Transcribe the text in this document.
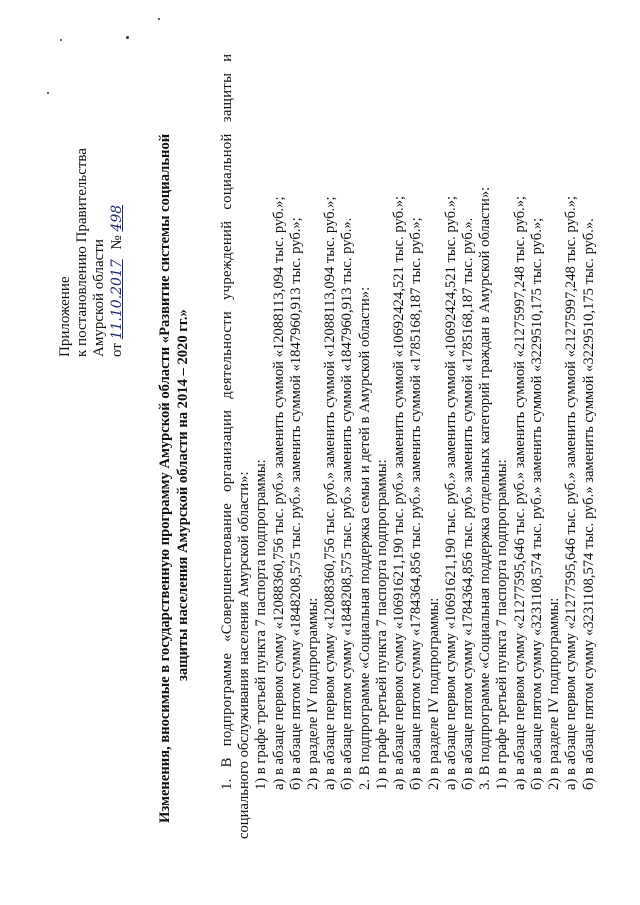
Приложение к постановлению Правительства Амурской области от 11.10.2017 № 498 Изменения, вносимые в государственную программу Амурской области «Развитие системы социальной защиты населения Амурской области на 2014 – 2020 гг.» 1. В подпрограмме «Совершенствование организации деятельности учреждений социальной защиты и социального обслуживания населения Амурской области»: 1) в графе третьей пункта 7 паспорта подпрограммы: а) в абзаце первом сумму «12088360,756 тыс. руб.» заменить суммой «12088113,094 тыс. руб.»; б) в абзаце пятом сумму «1848208,575 тыс. руб.» заменить суммой «1847960,913 тыс. руб.»; 2) в разделе IV подпрограммы: а) в абзаце первом сумму «12088360,756 тыс. руб.» заменить суммой «12088113,094 тыс. руб.»; б) в абзаце пятом сумму «1848208,575 тыс. руб.» заменить суммой «1847960,913 тыс. руб.». 2. В подпрограмме «Социальная поддержка семьи и детей в Амурской области»: 1) в графе третьей пункта 7 паспорта подпрограммы: а) в абзаце первом сумму «10691621,190 тыс. руб.» заменить суммой «10692424,521 тыс. руб.»; б) в абзаце пятом сумму «1784364,856 тыс. руб.» заменить суммой «1785168,187 тыс. руб.»; 2) в разделе IV подпрограммы: а) в абзаце первом сумму «10691621,190 тыс. руб.» заменить суммой «10692424,521 тыс. руб.»; б) в абзаце пятом сумму «1784364,856 тыс. руб.» заменить суммой «1785168,187 тыс. руб.». 3. В подпрограмме «Социальная поддержка отдельных категорий граждан в Амурской области»: 1) в графе третьей пункта 7 паспорта подпрограммы: а) в абзаце первом сумму «21277595,646 тыс. руб.» заменить суммой «21275997,248 тыс. руб.»; б) в абзаце пятом сумму «3231108,574 тыс. руб.» заменить суммой «3229510,175 тыс. руб.»; 2) в разделе IV подпрограммы: а) в абзаце первом сумму «21277595,646 тыс. руб.» заменить суммой «21275997,248 тыс. руб.»; б) в абзаце пятом сумму «3231108,574 тыс. руб.» заменить суммой «3229510,175 тыс. руб.».
